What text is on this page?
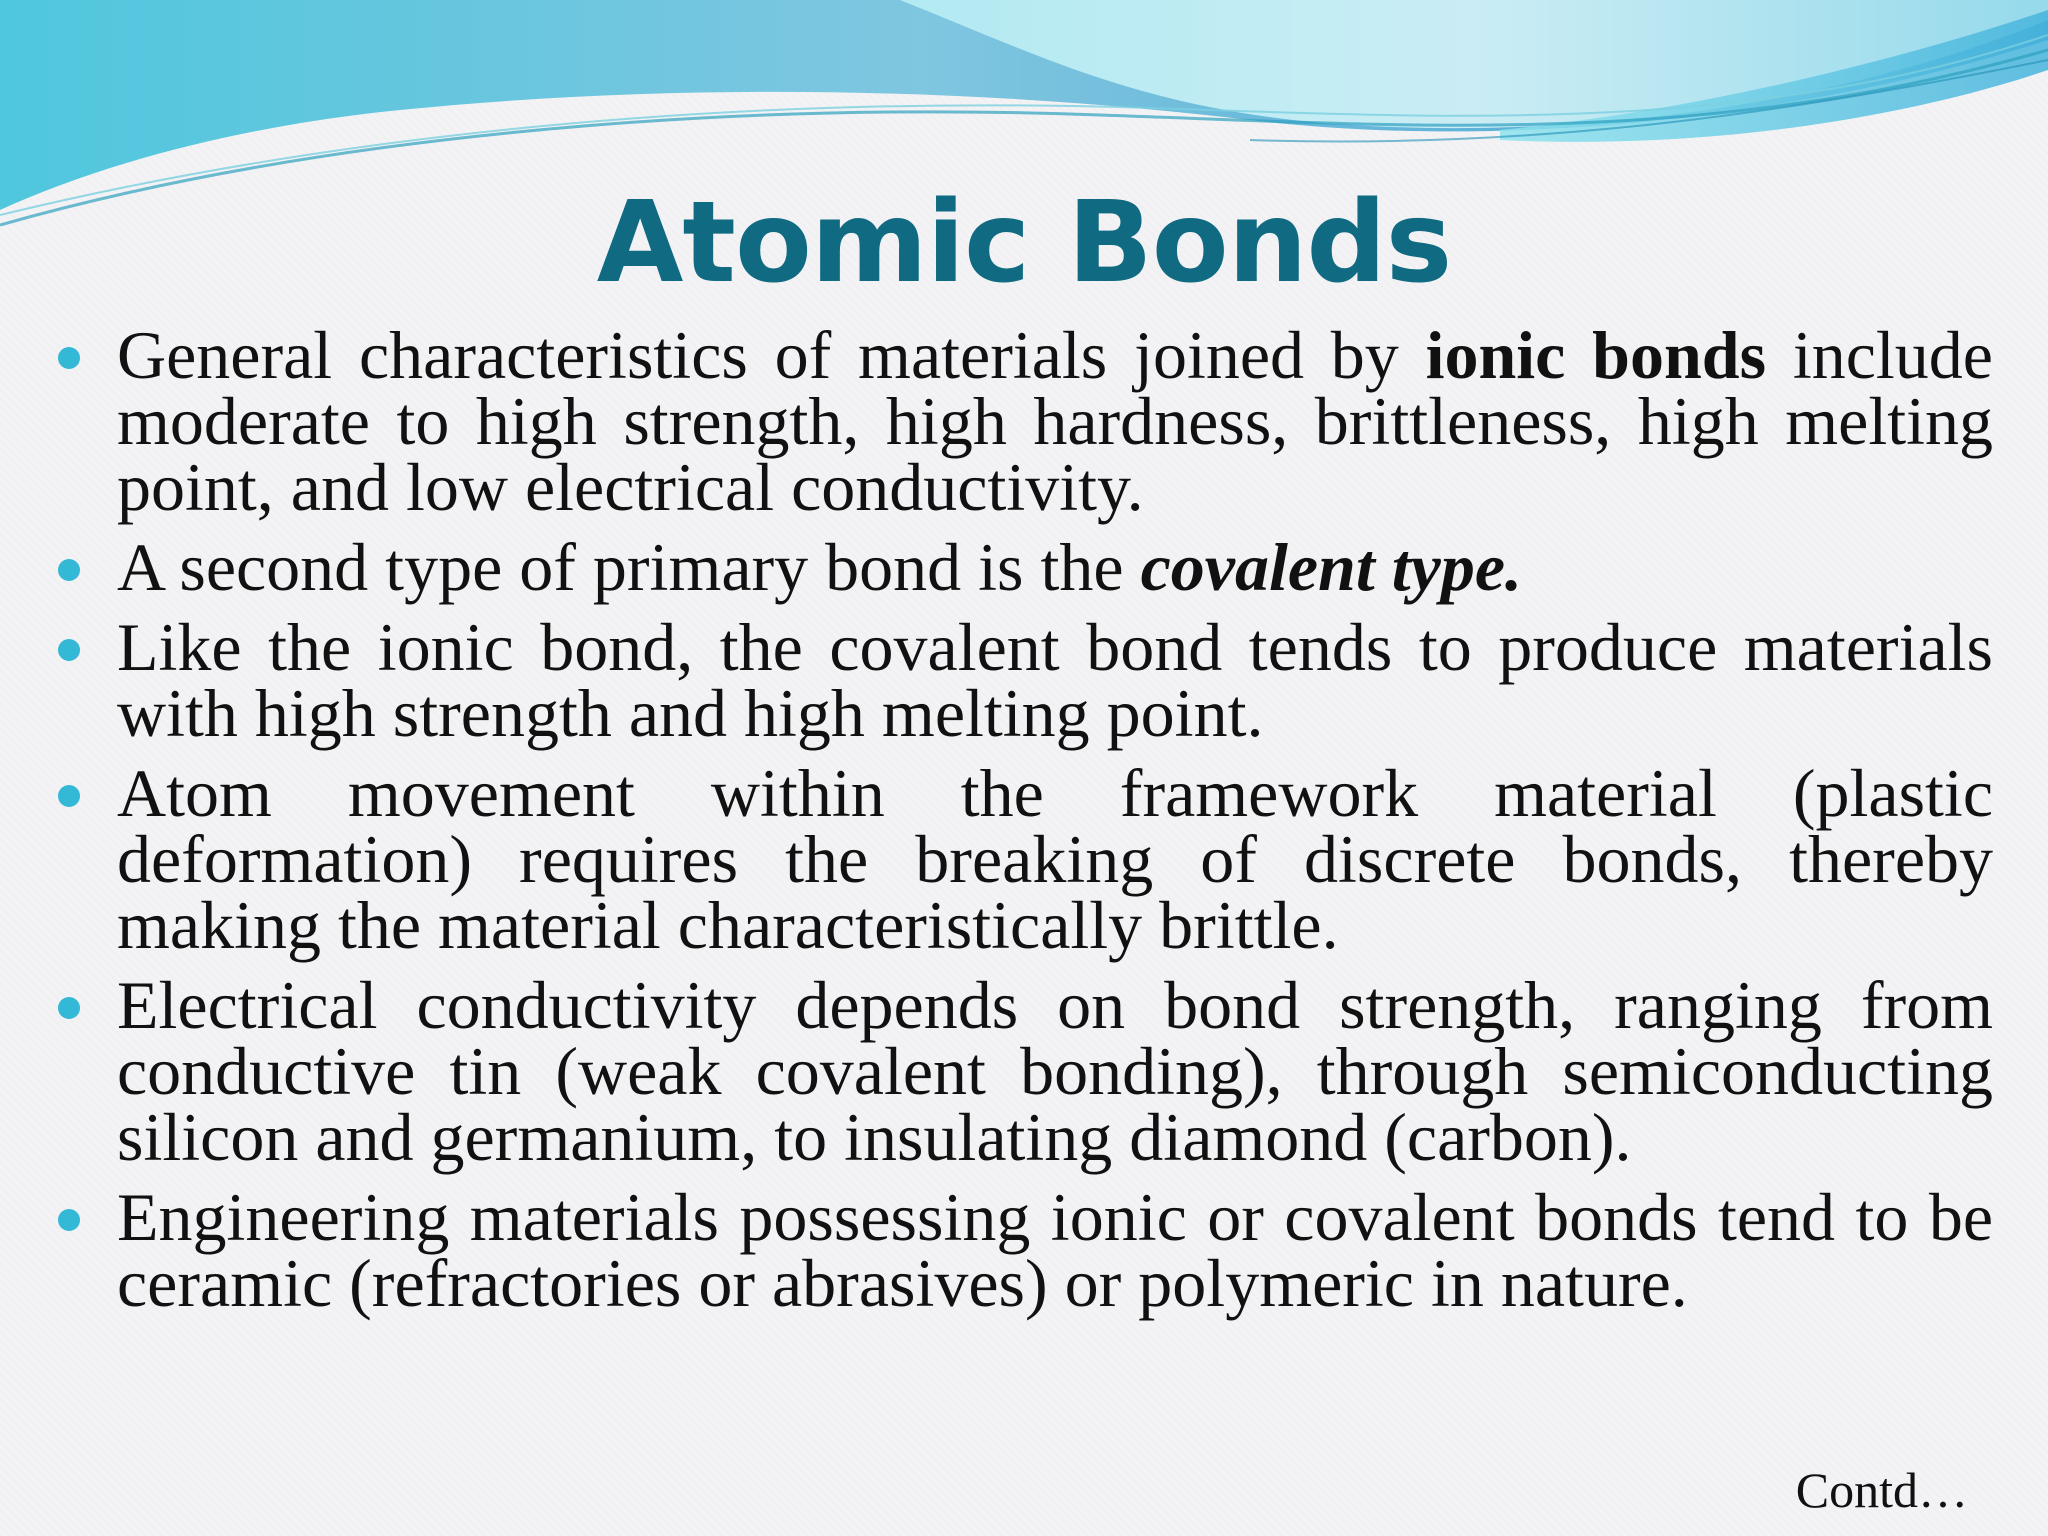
Atomic Bonds
General characteristics of materials joined by ionic bonds include moderate to high strength, high hardness, brittleness, high melting point, and low electrical conductivity.
A second type of primary bond is the covalent type.
Like the ionic bond, the covalent bond tends to produce materials with high strength and high melting point.
Atom movement within the framework material (plastic deformation) requires the breaking of discrete bonds, thereby making the material characteristically brittle.
Electrical conductivity depends on bond strength, ranging from conductive tin (weak covalent bonding), through semiconducting silicon and germanium, to insulating diamond (carbon).
Engineering materials possessing ionic or covalent bonds tend to be ceramic (refractories or abrasives) or polymeric in nature.
Contd…
